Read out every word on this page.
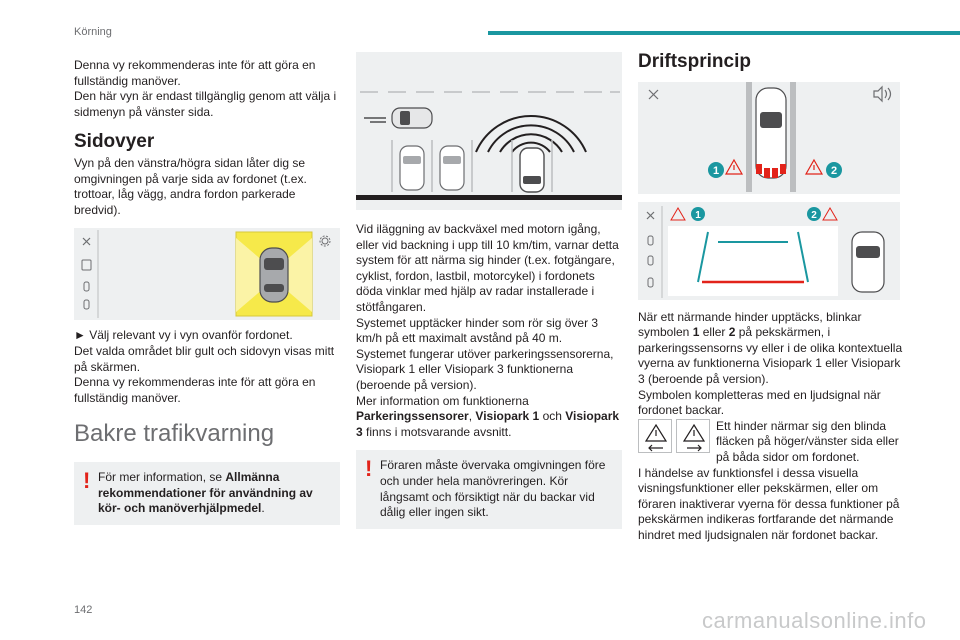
Körning

Denna vy rekommenderas inte för att göra en fullständig manöver.

Den här vyn är endast tillgänglig genom att välja i sidmenyn på vänster sida.

Sidovyer

Vyn på den vänstra/högra sidan låter dig se omgivningen på varje sida av fordonet (t.ex. trottoar, låg vägg, andra fordon parkerade bredvid).

► Välj relevant vy i vyn ovanför fordonet.

Det valda området blir gult och sidovyn visas mitt på skärmen.

Denna vy rekommenderas inte för att göra en fullständig manöver.

Bakre trafikvarning
! För mer information, se Allmänna rekommendationer för användning av kör- och manöverhjälpmedel.

Vid iläggning av backväxel med motorn igång, eller vid backning i upp till 10 km/tim, varnar detta system för att närma sig hinder (t.ex. fotgängare, cyklist, fordon, lastbil, motorcykel) i fordonets döda vinklar med hjälp av radar installerade i stötfångaren.

Systemet upptäcker hinder som rör sig över 3 km/h på ett maximalt avstånd på 40 m.

Systemet fungerar utöver parkeringssensorerna, Visiopark 1 eller Visiopark 3 funktionerna (beroende på version).

Mer information om funktionerna Parkeringssensorer, Visiopark 1 och Visiopark 3 finns i motsvarande avsnitt.

! Föraren måste övervaka omgivningen före och under hela manövreringen. Kör långsamt och försiktigt när du backar vid dålig eller ingen sikt.
Driftsprincip
1	2
1	2

När ett närmande hinder upptäcks, blinkar symbolen 1 eller 2 på pekskärmen, i parkeringssensorns vy eller i de olika kontextuella vyerna av funktionerna Visiopark 1 eller Visiopark 3 (beroende på version).

Symbolen kompletteras med en ljudsignal när fordonet backar.

Ett hinder närmar sig den blinda fläcken på höger/vänster sida eller på båda sidor om fordonet.

I händelse av funktionsfel i dessa visuella visningsfunktioner eller pekskärmen, eller om föraren inaktiverar vyerna för dessa funktioner på pekskärmen indikeras fortfarande det närmande hindret med ljudsignalen när fordonet backar.

142	carmanualsonline.info
